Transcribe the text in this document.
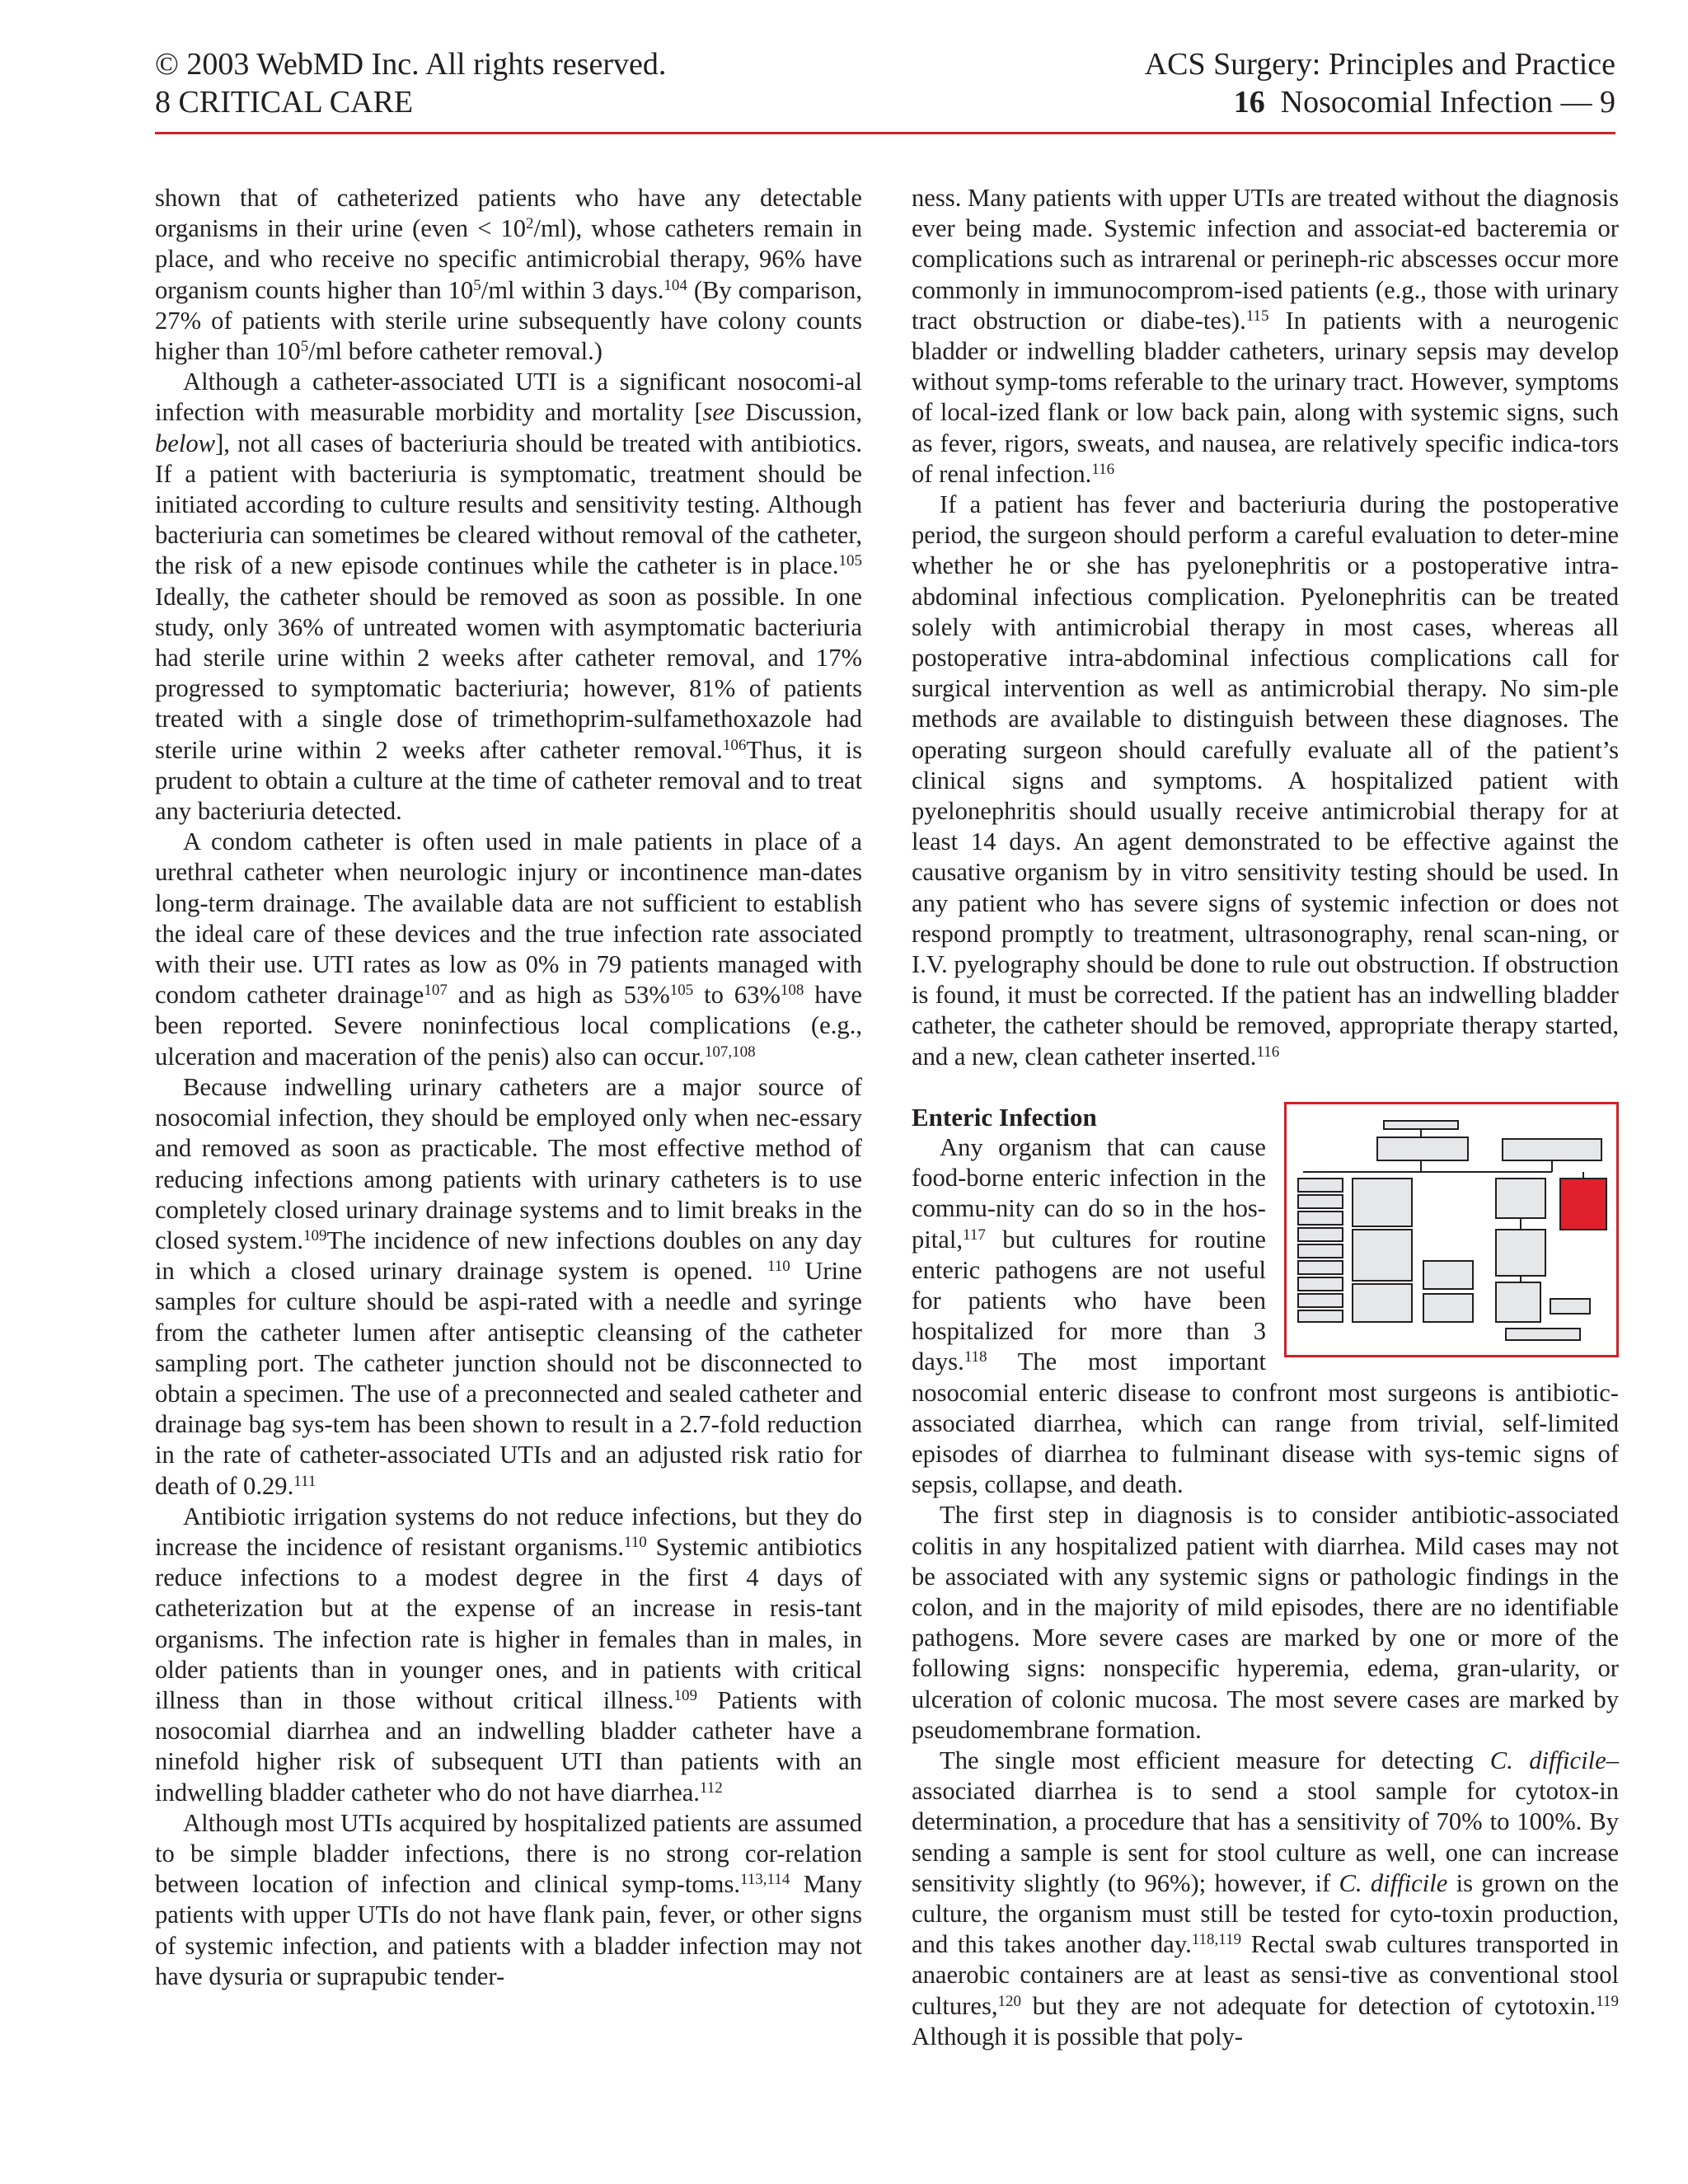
© 2003 WebMD Inc. All rights reserved.
8 CRITICAL CARE
ACS Surgery: Principles and Practice
16 Nosocomial Infection — 9

shown that of catheterized patients who have any detectable organisms in their urine (even < $10^2/ml$), whose catheters remain in place, and who receive no specific antimicrobial therapy, 96% have organism counts higher than $10^5/ml$ within 3 days.$^{104}$ (By comparison, 27% of patients with sterile urine subsequently have colony counts higher than $10^5/ml$ before catheter removal.)

Although a catheter-associated UTI is a significant nosocomi-al infection with measurable morbidity and mortality [see Discussion, below], not all cases of bacteriuria should be treated with antibiotics. If a patient with bacteriuria is symptomatic, treatment should be initiated according to culture results and sensitivity testing. Although bacteriuria can sometimes be cleared without removal of the catheter, the risk of a new episode continues while the catheter is in place.$^{105}$ Ideally, the catheter should be removed as soon as possible. In one study, only 36% of untreated women with asymptomatic bacteriuria had sterile urine within 2 weeks after catheter removal, and 17% progressed to symptomatic bacteriuria; however, 81% of patients treated with a single dose of trimethoprim-sulfamethoxazole had sterile urine within 2 weeks after catheter removal.$^{106}$Thus, it is prudent to obtain a culture at the time of catheter removal and to treat any bacteriuria detected.

A condom catheter is often used in male patients in place of a urethral catheter when neurologic injury or incontinence man-dates long-term drainage. The available data are not sufficient to establish the ideal care of these devices and the true infection rate associated with their use. UTI rates as low as 0% in 79 patients managed with condom catheter drainage$^{107}$ and as high as 53%$^{105}$ to 63%$^{108}$ have been reported. Severe noninfectious local complications (e.g., ulceration and maceration of the penis) also can occur.$^{107,108}$

Because indwelling urinary catheters are a major source of nosocomial infection, they should be employed only when nec-essary and removed as soon as practicable. The most effective method of reducing infections among patients with urinary catheters is to use completely closed urinary drainage systems and to limit breaks in the closed system.$^{109}$The incidence of new infections doubles on any day in which a closed urinary drainage system is opened. $^{110}$ Urine samples for culture should be aspi-rated with a needle and syringe from the catheter lumen after antiseptic cleansing of the catheter sampling port. The catheter junction should not be disconnected to obtain a specimen. The use of a preconnected and sealed catheter and drainage bag sys-tem has been shown to result in a 2.7-fold reduction in the rate of catheter-associated UTIs and an adjusted risk ratio for death of 0.29.$^{111}$

Antibiotic irrigation systems do not reduce infections, but they do increase the incidence of resistant organisms.$^{110}$ Systemic antibiotics reduce infections to a modest degree in the first 4 days of catheterization but at the expense of an increase in resis-tant organisms. The infection rate is higher in females than in males, in older patients than in younger ones, and in patients with critical illness than in those without critical illness.$^{109}$ Patients with nosocomial diarrhea and an indwelling bladder catheter have a ninefold higher risk of subsequent UTI than patients with an indwelling bladder catheter who do not have diarrhea.$^{112}$

Although most UTIs acquired by hospitalized patients are assumed to be simple bladder infections, there is no strong cor-relation between location of infection and clinical symp-toms.$^{113,114}$ Many patients with upper UTIs do not have flank pain, fever, or other signs of systemic infection, and patients with a bladder infection may not have dysuria or suprapubic tender-

ness. Many patients with upper UTIs are treated without the diagnosis ever being made. Systemic infection and associat-ed bacteremia or complications such as intrarenal or perineph-ric abscesses occur more commonly in immunocomprom-ised patients (e.g., those with urinary tract obstruction or diabe-tes).$^{115}$ In patients with a neurogenic bladder or indwelling bladder catheters, urinary sepsis may develop without symp-toms referable to the urinary tract. However, symptoms of local-ized flank or low back pain, along with systemic signs, such as fever, rigors, sweats, and nausea, are relatively specific indica-tors of renal infection.$^{116}$

If a patient has fever and bacteriuria during the postoperative period, the surgeon should perform a careful evaluation to deter-mine whether he or she has pyelonephritis or a postoperative intra-abdominal infectious complication. Pyelonephritis can be treated solely with antimicrobial therapy in most cases, whereas all postoperative intra-abdominal infectious complications call for surgical intervention as well as antimicrobial therapy. No sim-ple methods are available to distinguish between these diagnoses. The operating surgeon should carefully evaluate all of the patient’s clinical signs and symptoms. A hospitalized patient with pyelonephritis should usually receive antimicrobial therapy for at least 14 days. An agent demonstrated to be effective against the causative organism by in vitro sensitivity testing should be used. In any patient who has severe signs of systemic infection or does not respond promptly to treatment, ultrasonography, renal scan-ning, or I.V. pyelography should be done to rule out obstruction. If obstruction is found, it must be corrected. If the patient has an indwelling bladder catheter, the catheter should be removed, appropriate therapy started, and a new, clean catheter inserted.$^{116}$

Enteric Infection

Any organism that can cause food-borne enteric infection in the commu-nity can do so in the hos-pital,$^{117}$ but cultures for routine enteric pathogens are not useful for patients who have been hospitalized for more than 3 days.$^{118}$ The most important nosocomial enteric disease to confront most surgeons is antibiotic-associated diarrhea, which can range from trivial, self-limited episodes of diarrhea to fulminant disease with sys-temic signs of sepsis, collapse, and death.

The first step in diagnosis is to consider antibiotic-associated colitis in any hospitalized patient with diarrhea. Mild cases may not be associated with any systemic signs or pathologic findings in the colon, and in the majority of mild episodes, there are no identifiable pathogens. More severe cases are marked by one or more of the following signs: nonspecific hyperemia, edema, gran-ularity, or ulceration of colonic mucosa. The most severe cases are marked by pseudomembrane formation.

The single most efficient measure for detecting C. difficile–associated diarrhea is to send a stool sample for cytotox-in determination, a procedure that has a sensitivity of 70% to 100%. By sending a sample is sent for stool culture as well, one can increase sensitivity slightly (to 96%); however, if C. difficile is grown on the culture, the organism must still be tested for cyto-toxin production, and this takes another day.$^{118,119}$ Rectal swab cultures transported in anaerobic containers are at least as sensi-tive as conventional stool cultures,$^{120}$ but they are not adequate for detection of cytotoxin.$^{119}$ Although it is possible that poly-
